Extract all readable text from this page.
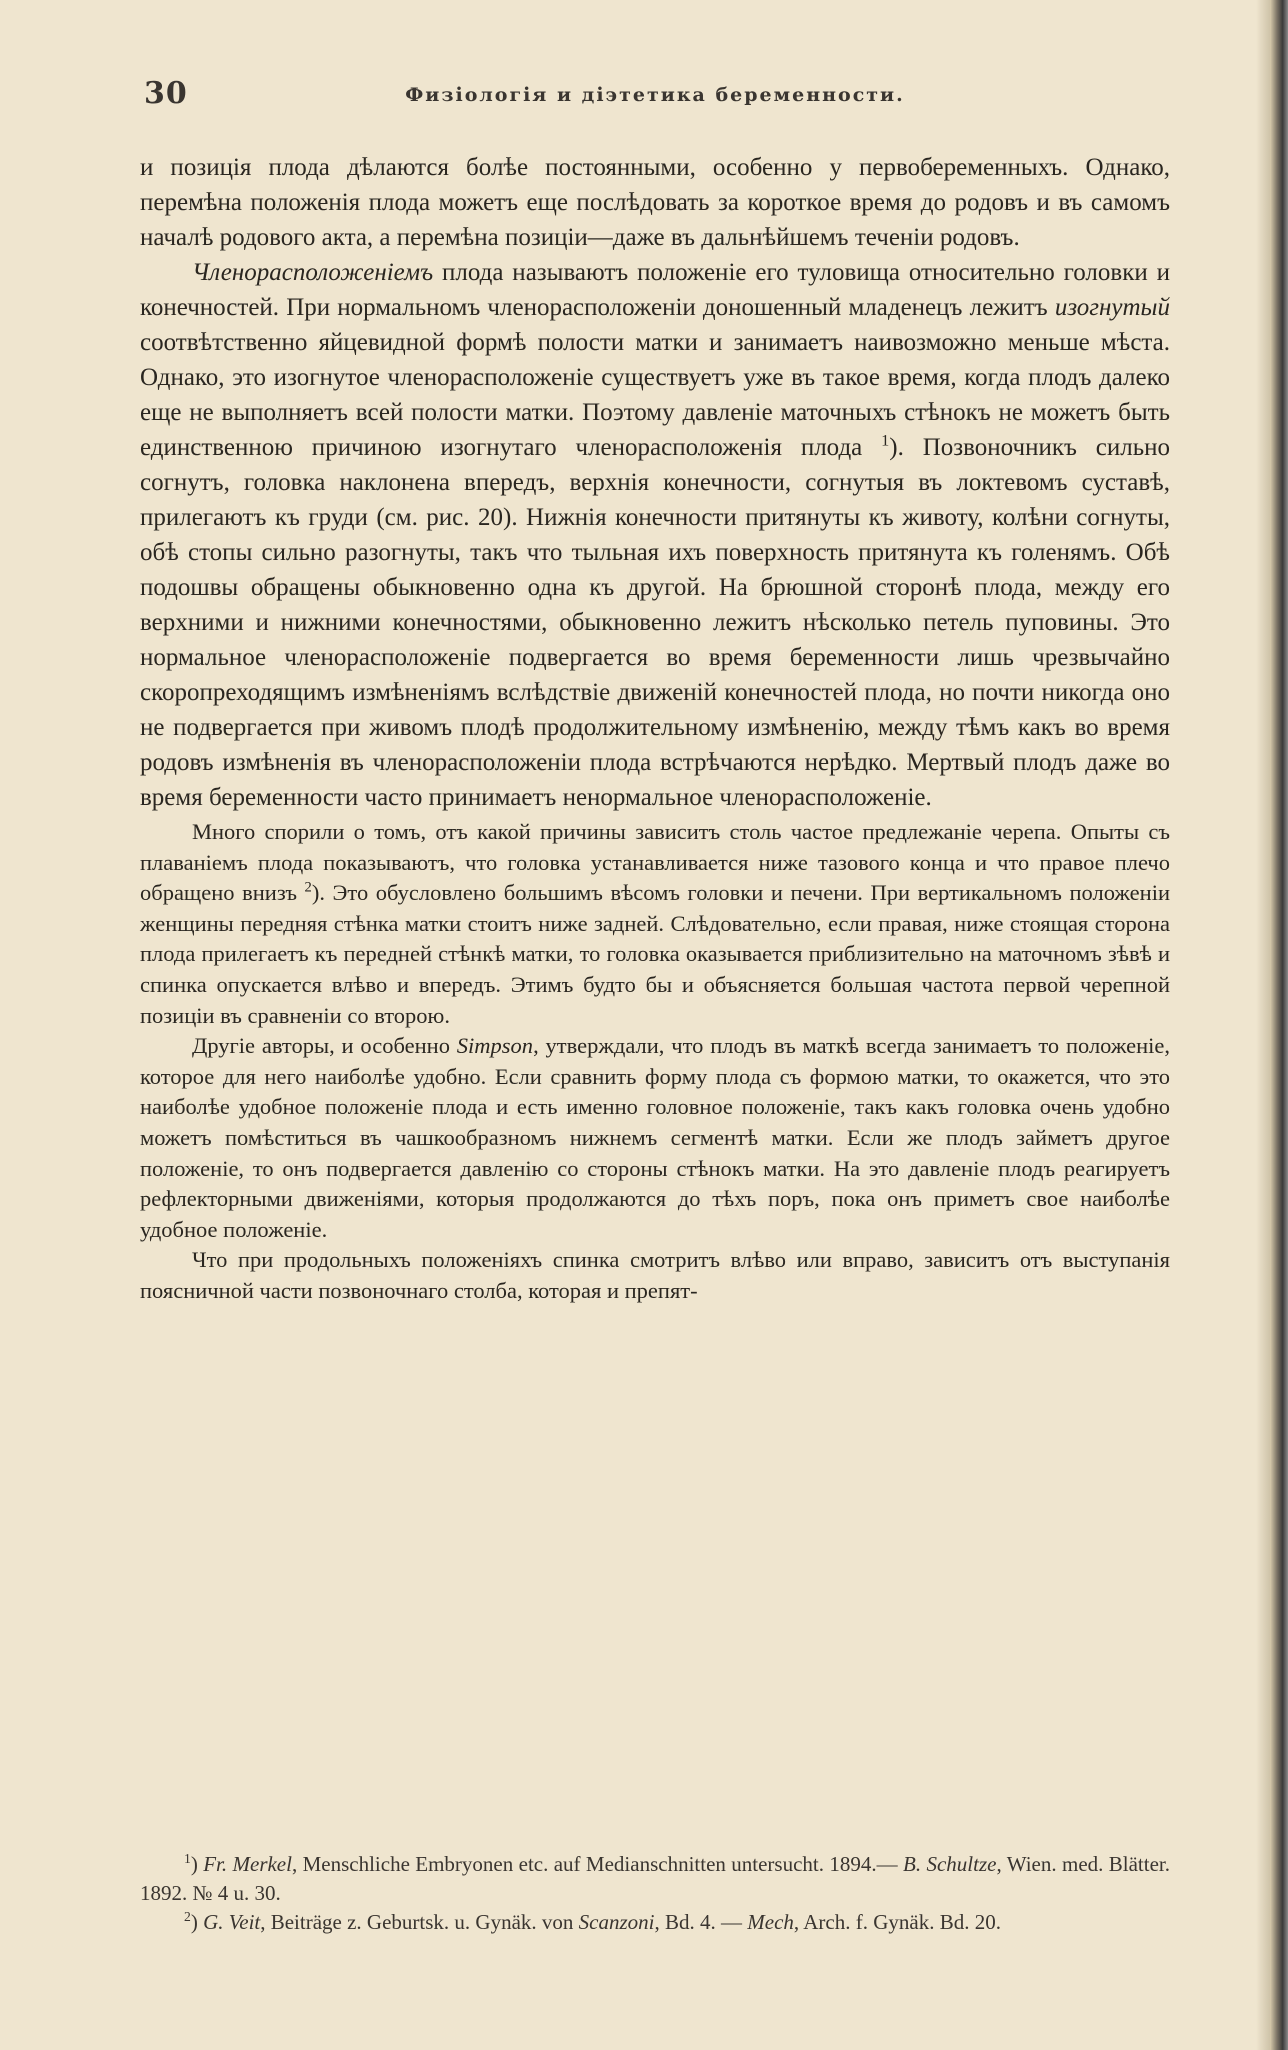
30	Физіологія и діэтетика беременности.

и позиція плода дѣлаются болѣе постоянными, особенно у первобеременныхъ. Однако, перемѣна положенія плода можетъ еще послѣдовать за короткое время до родовъ и въ самомъ началѣ родового акта, а перемѣна позиціи—даже въ дальнѣйшемъ теченіи родовъ.

Членорасположеніемъ плода называютъ положеніе его туловища относительно головки и конечностей. При нормальномъ членорасположеніи доношенный младенецъ лежитъ изогнутый соотвѣтственно яйцевидной формѣ полости матки и занимаетъ наивозможно меньше мѣста. Однако, это изогнутое членорасположеніе существуетъ уже въ такое время, когда плодъ далеко еще не выполняетъ всей полости матки. Поэтому давленіе маточныхъ стѣнокъ не можетъ быть единственною причиною изогнутаго членорасположенія плода $^1$). Позвоночникъ сильно согнутъ, головка наклонена впередъ, верхнія конечности, согнутыя въ локтевомъ суставѣ, прилегаютъ къ груди (см. рис. 20). Нижнія конечности притянуты къ животу, колѣни согнуты, обѣ стопы сильно разогнуты, такъ что тыльная ихъ поверхность притянута къ голенямъ. Обѣ подошвы обращены обыкновенно одна къ другой. На брюшной сторонѣ плода, между его верхними и нижними конечностями, обыкновенно лежитъ нѣсколько петель пуповины. Это нормальное членорасположеніе подвергается во время беременности лишь чрезвычайно скоропреходящимъ измѣненіямъ вслѣдствіе движеній конечностей плода, но почти никогда оно не подвергается при живомъ плодѣ продолжительному измѣненію, между тѣмъ какъ во время родовъ измѣненія въ членорасположеніи плода встрѣчаются нерѣдко. Мертвый плодъ даже во время беременности часто принимаетъ ненормальное членорасположеніе.

Много спорили о томъ, отъ какой причины зависитъ столь частое предлежаніе черепа. Опыты съ плаваніемъ плода показываютъ, что головка устанавливается ниже тазового конца и что правое плечо обращено внизъ $^2$). Это обусловлено большимъ вѣсомъ головки и печени. При вертикальномъ положеніи женщины передняя стѣнка матки стоитъ ниже задней. Слѣдовательно, если правая, ниже стоящая сторона плода прилегаетъ къ передней стѣнкѣ матки, то головка оказывается приблизительно на маточномъ зѣвѣ и спинка опускается влѣво и впередъ. Этимъ будто бы и объясняется большая частота первой черепной позиціи въ сравненіи со второю.

Другіе авторы, и особенно Simpson, утверждали, что плодъ въ маткѣ всегда занимаетъ то положеніе, которое для него наиболѣе удобно. Если сравнить форму плода съ формою матки, то окажется, что это наиболѣе удобное положеніе плода и есть именно головное положеніе, такъ какъ головка очень удобно можетъ помѣститься въ чашкообразномъ нижнемъ сегментѣ матки. Если же плодъ займетъ другое положеніе, то онъ подвергается давленію со стороны стѣнокъ матки. На это давленіе плодъ реагируетъ рефлекторными движеніями, которыя продолжаются до тѣхъ поръ, пока онъ приметъ свое наиболѣе удобное положеніе.

Что при продольныхъ положеніяхъ спинка смотритъ влѣво или вправо, зависитъ отъ выступанія поясничной части позвоночнаго столба, которая и препят-

$^1$) Fr. Merkel, Menschliche Embryonen etc. auf Medianschnitten untersucht. 1894.— B. Schultze, Wien. med. Blätter. 1892. № 4 u. 30.

$^2$) G. Veit, Beiträge z. Geburtsk. u. Gynäk. von Scanzoni, Bd. 4. — Mech, Arch. f. Gynäk. Bd. 20.
